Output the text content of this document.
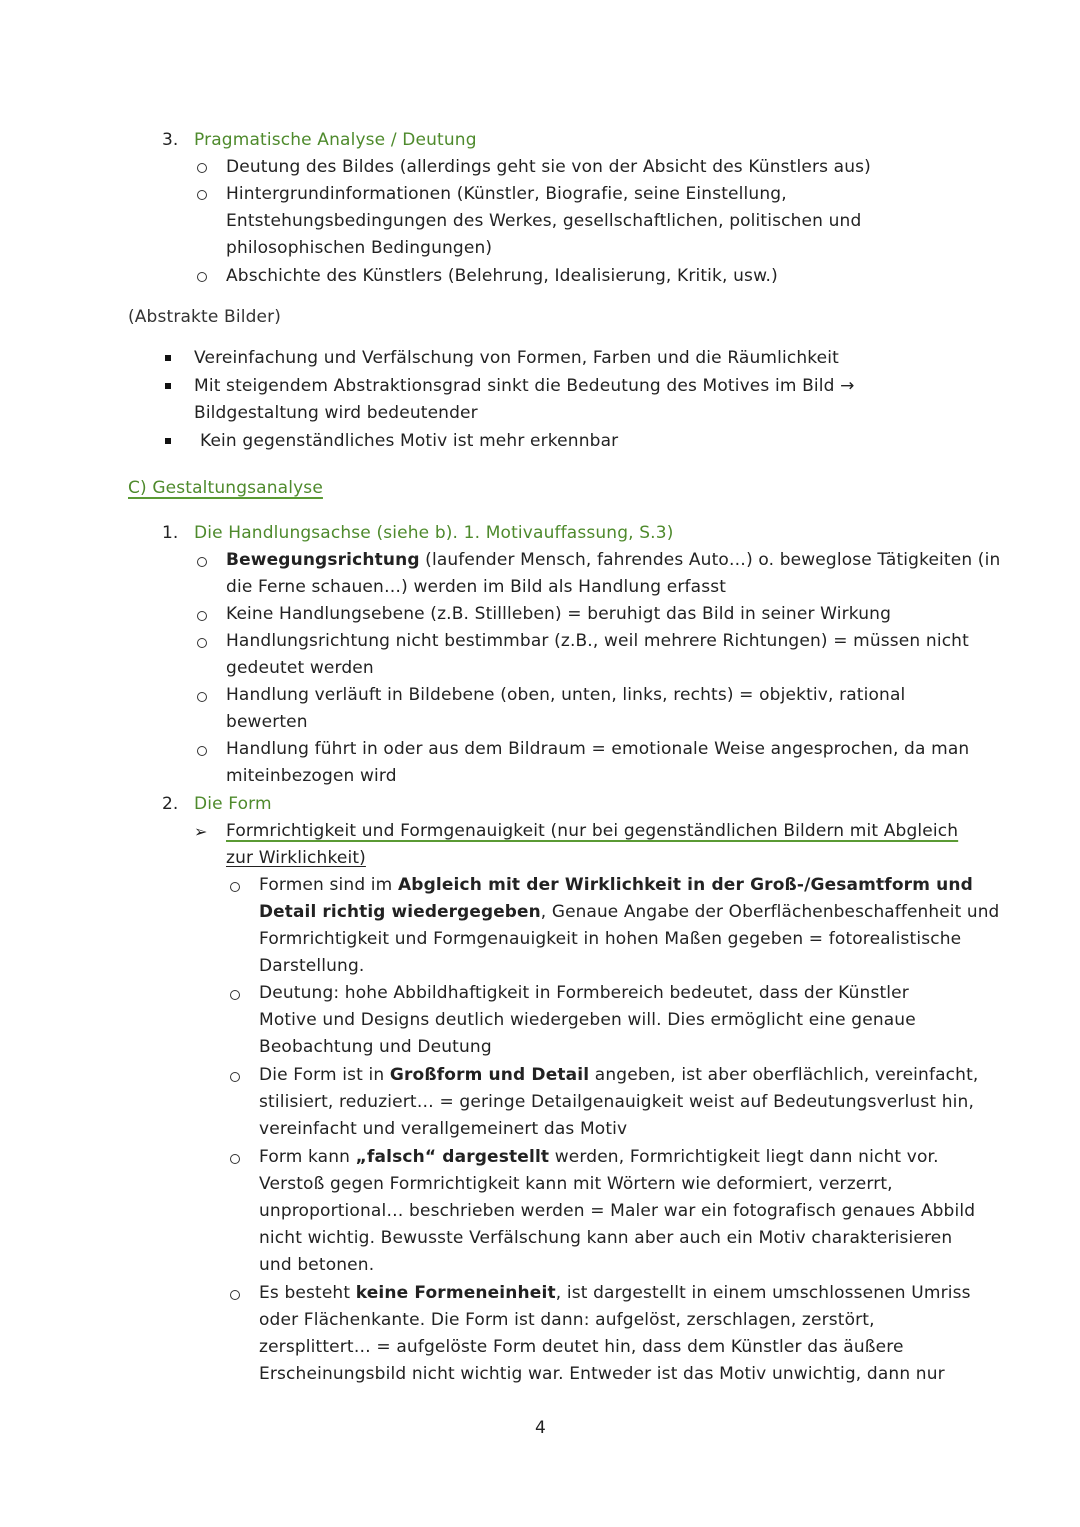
3. Pragmatische Analyse / Deutung
Deutung des Bildes (allerdings geht sie von der Absicht des Künstlers aus)
Hintergrundinformationen (Künstler, Biografie, seine Einstellung,
Entstehungsbedingungen des Werkes, gesellschaftlichen, politischen und
philosophischen Bedingungen)
Abschichte des Künstlers (Belehrung, Idealisierung, Kritik, usw.)
(Abstrakte Bilder)
Vereinfachung und Verfälschung von Formen, Farben und die Räumlichkeit
Mit steigendem Abstraktionsgrad sinkt die Bedeutung des Motives im Bild →
Bildgestaltung wird bedeutender
Kein gegenständliches Motiv ist mehr erkennbar
C) Gestaltungsanalyse
1. Die Handlungsachse (siehe b). 1. Motivauffassung, S.3)
Bewegungsrichtung (laufender Mensch, fahrendes Auto…) o. beweglose Tätigkeiten (in
die Ferne schauen…) werden im Bild als Handlung erfasst
Keine Handlungsebene (z.B. Stillleben) = beruhigt das Bild in seiner Wirkung
Handlungsrichtung nicht bestimmbar (z.B., weil mehrere Richtungen) = müssen nicht
gedeutet werden
Handlung verläuft in Bildebene (oben, unten, links, rechts) = objektiv, rational
bewerten
Handlung führt in oder aus dem Bildraum = emotionale Weise angesprochen, da man
miteinbezogen wird
2. Die Form
➢ Formrichtigkeit und Formgenauigkeit (nur bei gegenständlichen Bildern mit Abgleich
zur Wirklichkeit)
Formen sind im Abgleich mit der Wirklichkeit in der Groß-/Gesamtform und
Detail richtig wiedergegeben, Genaue Angabe der Oberflächenbeschaffenheit und
Formrichtigkeit und Formgenauigkeit in hohen Maßen gegeben = fotorealistische
Darstellung.
Deutung: hohe Abbildhaftigkeit in Formbereich bedeutet, dass der Künstler
Motive und Designs deutlich wiedergeben will. Dies ermöglicht eine genaue
Beobachtung und Deutung
Die Form ist in Großform und Detail angeben, ist aber oberflächlich, vereinfacht,
stilisiert, reduziert… = geringe Detailgenauigkeit weist auf Bedeutungsverlust hin,
vereinfacht und verallgemeinert das Motiv
Form kann „falsch“ dargestellt werden, Formrichtigkeit liegt dann nicht vor.
Verstoß gegen Formrichtigkeit kann mit Wörtern wie deformiert, verzerrt,
unproportional… beschrieben werden = Maler war ein fotografisch genaues Abbild
nicht wichtig. Bewusste Verfälschung kann aber auch ein Motiv charakterisieren
und betonen.
Es besteht keine Formeneinheit, ist dargestellt in einem umschlossenen Umriss
oder Flächenkante. Die Form ist dann: aufgelöst, zerschlagen, zerstört,
zersplittert… = aufgelöste Form deutet hin, dass dem Künstler das äußere
Erscheinungsbild nicht wichtig war. Entweder ist das Motiv unwichtig, dann nur
4
